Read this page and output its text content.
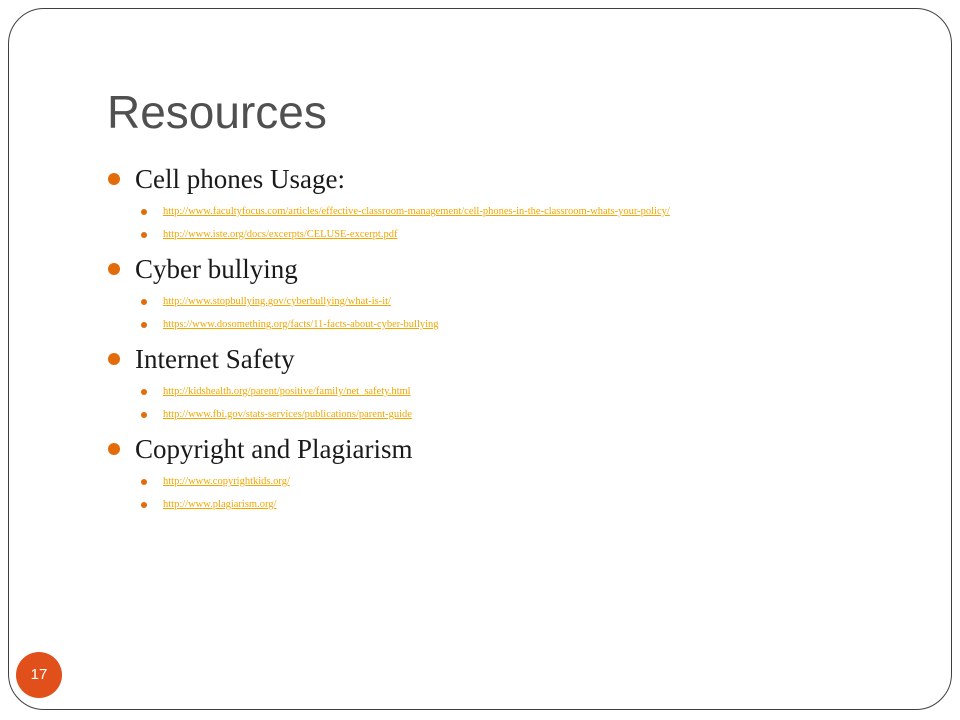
Resources
Cell phones Usage:
http://www.facultyfocus.com/articles/effective-classroom-management/cell-phones-in-the-classroom-whats-your-policy/
http://www.iste.org/docs/excerpts/CELUSE-excerpt.pdf
Cyber bullying
http://www.stopbullying.gov/cyberbullying/what-is-it/
https://www.dosomething.org/facts/11-facts-about-cyber-bullying
Internet Safety
http://kidshealth.org/parent/positive/family/net_safety.html
http://www.fbi.gov/stats-services/publications/parent-guide
Copyright and Plagiarism
http://www.copyrightkids.org/
http://www.plagiarism.org/
17
